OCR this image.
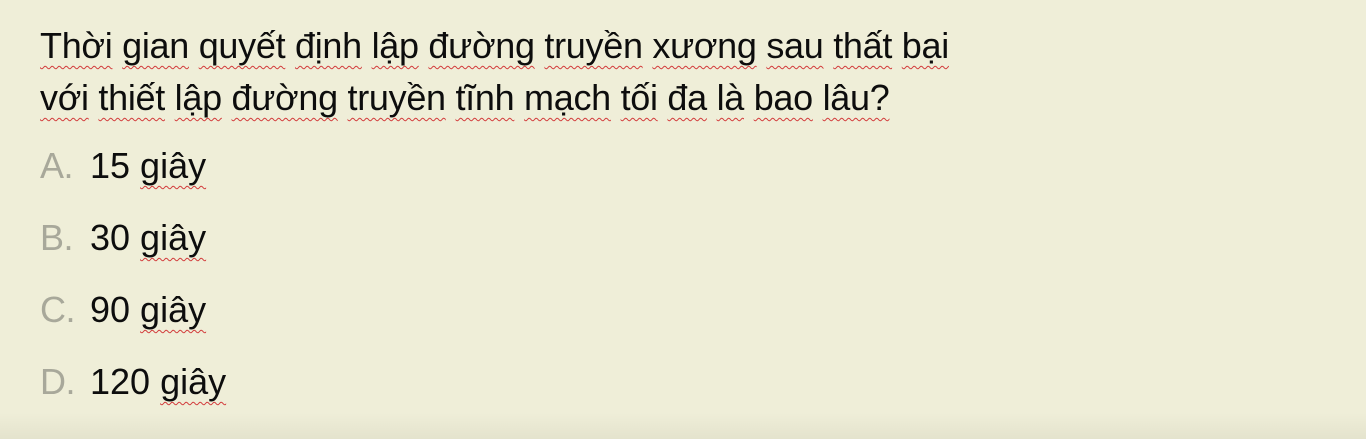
Thời gian quyết định lập đường truyền xương sau thất bại
với thiết lập đường truyền tĩnh mạch tối đa là bao lâu?
A. 15 giây
B. 30 giây
C. 90 giây
D. 120 giây
